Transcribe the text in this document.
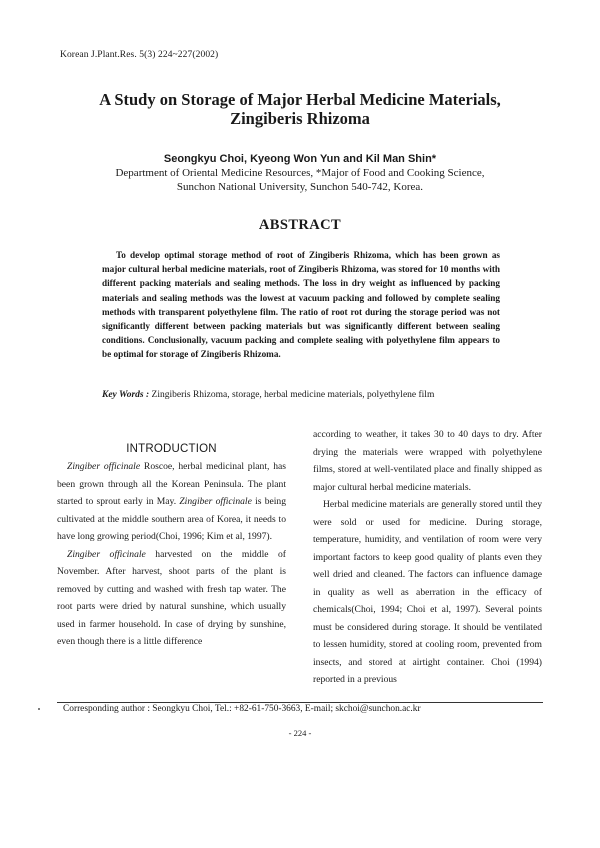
Korean J.Plant.Res. 5(3) 224~227(2002)
A Study on Storage of Major Herbal Medicine Materials,
Zingiberis Rhizoma
Seongkyu Choi, Kyeong Won Yun and Kil Man Shin*
Department of Oriental Medicine Resources, *Major of Food and Cooking Science,
Sunchon National University, Sunchon 540-742, Korea.
ABSTRACT
To develop optimal storage method of root of Zingiberis Rhizoma, which has been grown as major cultural herbal medicine materials, root of Zingiberis Rhizoma, was stored for 10 months with different packing materials and sealing methods. The loss in dry weight as influenced by packing materials and sealing methods was the lowest at vacuum packing and followed by complete sealing methods with transparent polyethylene film. The ratio of root rot during the storage period was not significantly different between packing materials but was significantly different between sealing conditions. Conclusionally, vacuum packing and complete sealing with polyethylene film appears to be optimal for storage of Zingiberis Rhizoma.
Key Words : Zingiberis Rhizoma, storage, herbal medicine materials, polyethylene film
INTRODUCTION

Zingiber officinale Roscoe, herbal medicinal plant, has been grown through all the Korean Peninsula. The plant started to sprout early in May. Zingiber officinale is being cultivated at the middle southern area of Korea, it needs to have long growing period(Choi, 1996; Kim et al, 1997).

Zingiber officinale harvested on the middle of November. After harvest, shoot parts of the plant is removed by cutting and washed with fresh tap water. The root parts were dried by natural sunshine, which usually used in farmer household. In case of drying by sunshine, even though there is a little difference

according to weather, it takes 30 to 40 days to dry. After drying the materials were wrapped with polyethylene films, stored at well-ventilated place and finally shipped as major cultural herbal medicine materials.

Herbal medicine materials are generally stored until they were sold or used for medicine. During storage, temperature, humidity, and ventilation of room were very important factors to keep good quality of plants even they well dried and cleaned. The factors can influence damage in quality as well as aberration in the efficacy of chemicals(Choi, 1994; Choi et al, 1997). Several points must be considered during storage. It should be ventilated to lessen humidity, stored at cooling room, prevented from insects, and stored at airtight container. Choi (1994) reported in a previous

Corresponding author : Seongkyu Choi, Tel.: +82-61-750-3663, E-mail; skchoi@sunchon.ac.kr
- 224 -
